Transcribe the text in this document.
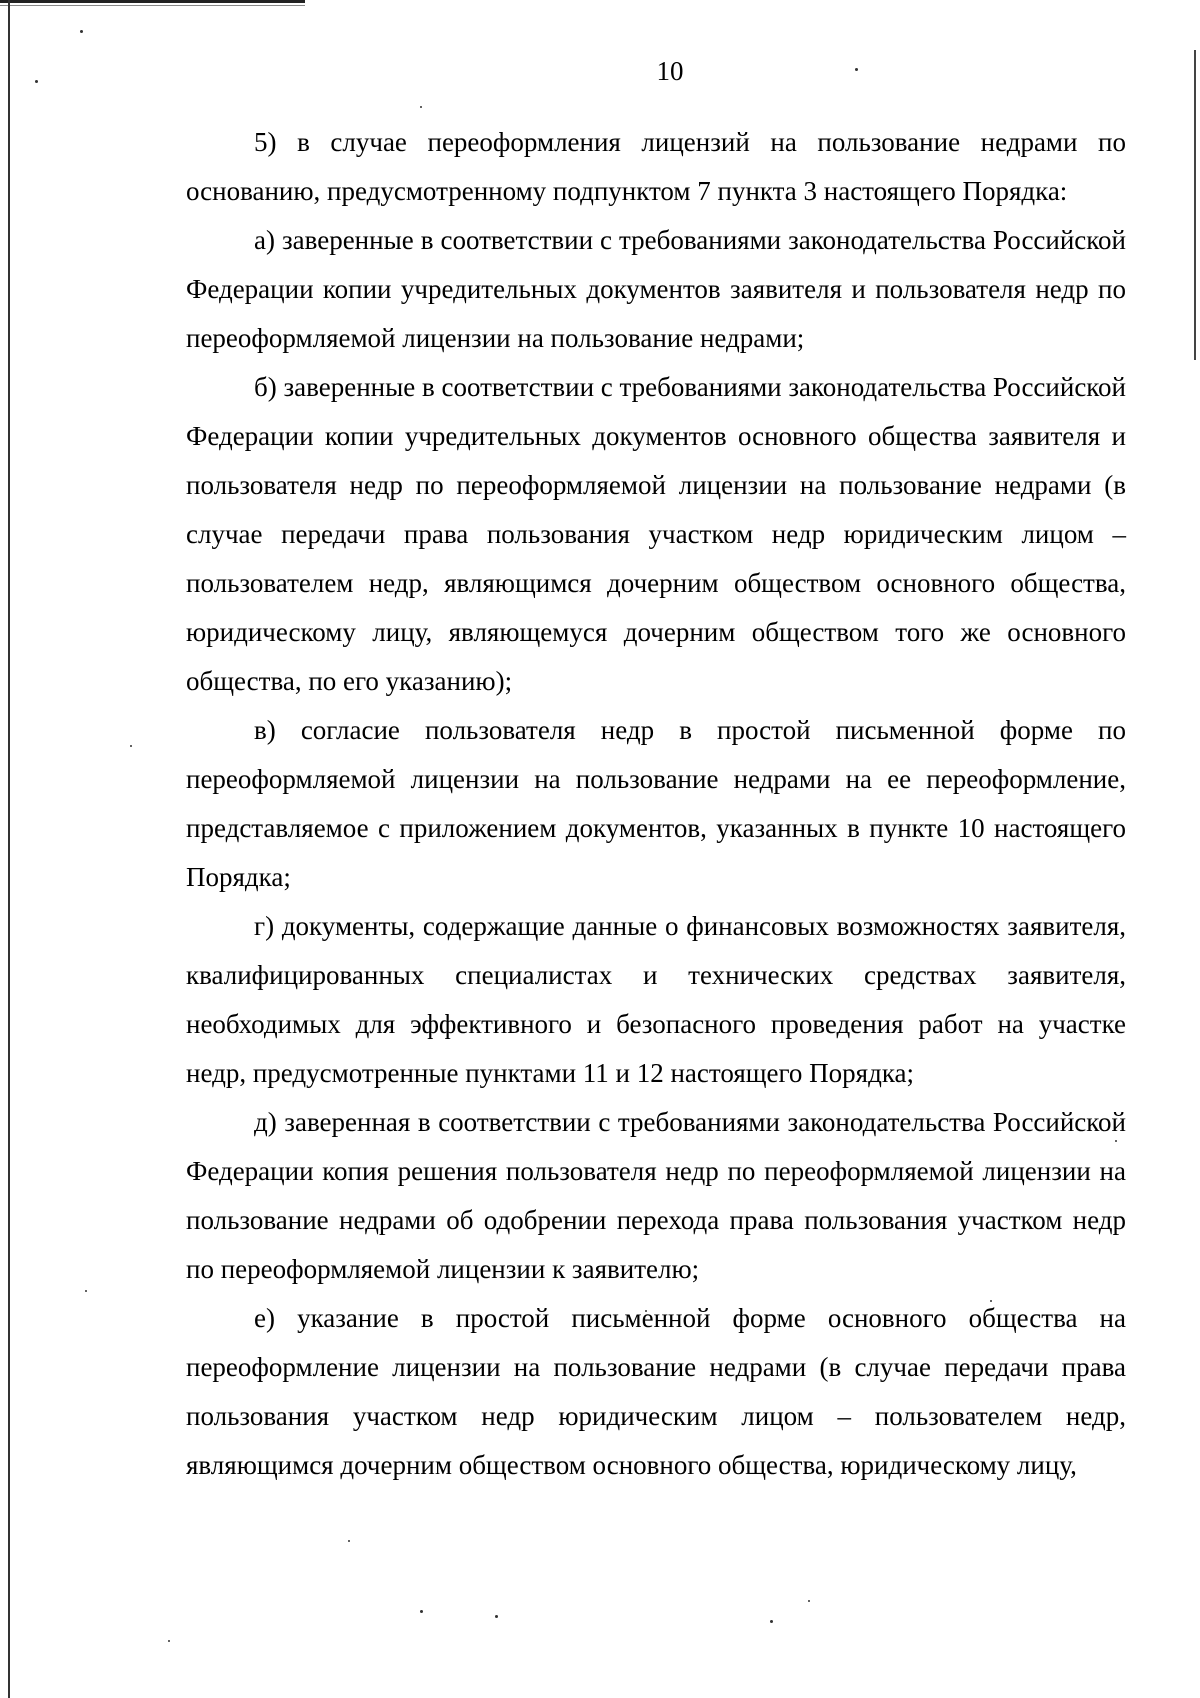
10

5) в случае переоформления лицензий на пользование недрами по основанию, предусмотренному подпунктом 7 пункта 3 настоящего Порядка:

а) заверенные в соответствии с требованиями законодательства Российской Федерации копии учредительных документов заявителя и пользователя недр по переоформляемой лицензии на пользование недрами;

б) заверенные в соответствии с требованиями законодательства Российской Федерации копии учредительных документов основного общества заявителя и пользователя недр по переоформляемой лицензии на пользование недрами (в случае передачи права пользования участком недр юридическим лицом – пользователем недр, являющимся дочерним обществом основного общества, юридическому лицу, являющемуся дочерним обществом того же основного общества, по его указанию);

в) согласие пользователя недр в простой письменной форме по переоформляемой лицензии на пользование недрами на ее переоформление, представляемое с приложением документов, указанных в пункте 10 настоящего Порядка;

г) документы, содержащие данные о финансовых возможностях заявителя, квалифицированных специалистах и технических средствах заявителя, необходимых для эффективного и безопасного проведения работ на участке недр, предусмотренные пунктами 11 и 12 настоящего Порядка;

д) заверенная в соответствии с требованиями законодательства Российской Федерации копия решения пользователя недр по переоформляемой лицензии на пользование недрами об одобрении перехода права пользования участком недр по переоформляемой лицензии к заявителю;

е) указание в простой письменной форме основного общества на переоформление лицензии на пользование недрами (в случае передачи права пользования участком недр юридическим лицом – пользователем недр, являющимся дочерним обществом основного общества, юридическому лицу,
